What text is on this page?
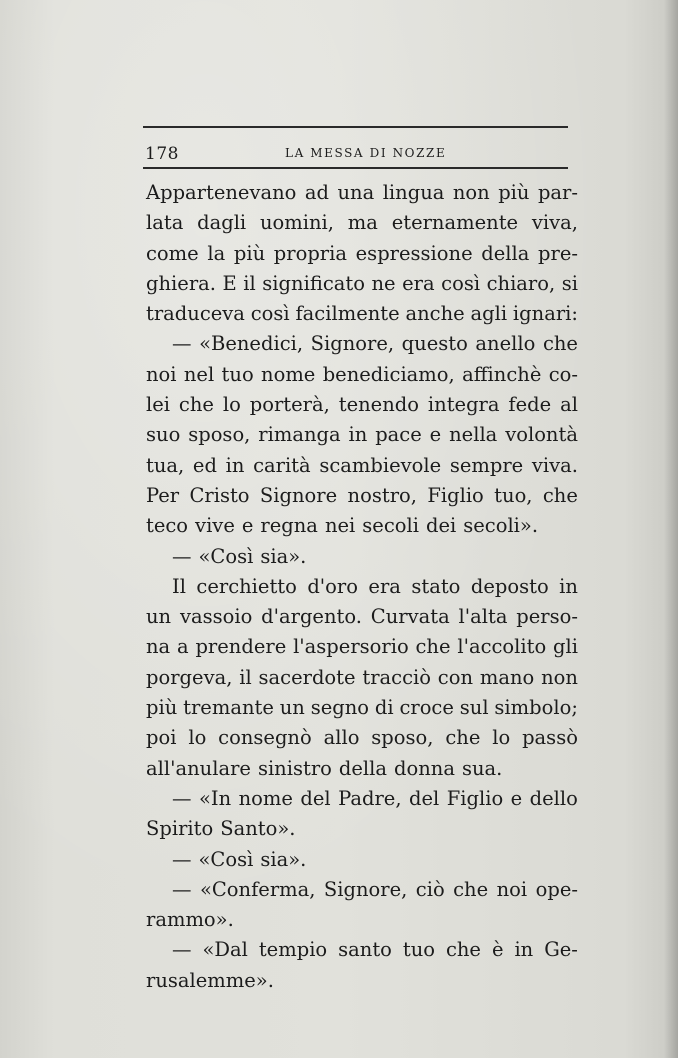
178	LA MESSA DI NOZZE
Appartenevano ad una lingua non più par-
lata dagli uomini, ma eternamente viva,
come la più propria espressione della pre-
ghiera. E il significato ne era così chiaro, si
traduceva così facilmente anche agli ignari:
— «Benedici, Signore, questo anello che
noi nel tuo nome benediciamo, affinchè co-
lei che lo porterà, tenendo integra fede al
suo sposo, rimanga in pace e nella volontà
tua, ed in carità scambievole sempre viva.
Per Cristo Signore nostro, Figlio tuo, che
teco vive e regna nei secoli dei secoli».
— «Così sia».
Il cerchietto d'oro era stato deposto in
un vassoio d'argento. Curvata l'alta perso-
na a prendere l'aspersorio che l'accolito gli
porgeva, il sacerdote tracciò con mano non
più tremante un segno di croce sul simbolo;
poi lo consegnò allo sposo, che lo passò
all'anulare sinistro della donna sua.
— «In nome del Padre, del Figlio e dello
Spirito Santo».
— «Così sia».
— «Conferma, Signore, ciò che noi ope-
rammo».
— «Dal tempio santo tuo che è in Ge-
rusalemme».
